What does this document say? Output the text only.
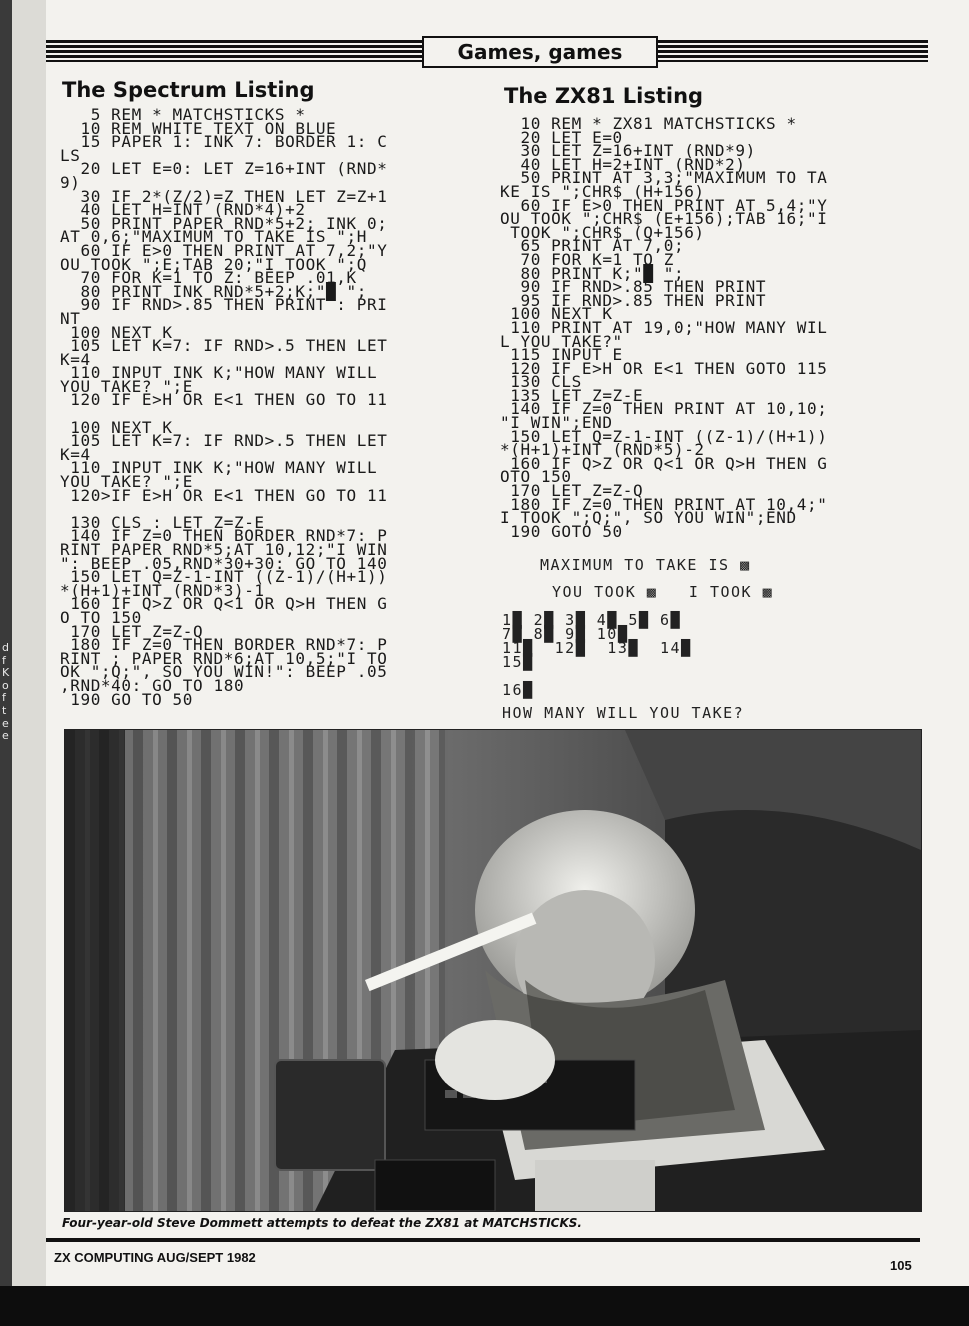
d f K o f t e e
Games, games
The Spectrum Listing	The ZX81 Listing
5 REM * MATCHSTICKS *
10 REM WHITE TEXT ON BLUE
15 PAPER 1: INK 7: BORDER 1: C
LS
20 LET E=0: LET Z=16+INT (RND*
9)
30 IF 2*(Z/2)=Z THEN LET Z=Z+1
40 LET H=INT (RND*4)+2
50 PRINT PAPER RND*5+2; INK 0;
AT 0,6;"MAXIMUM TO TAKE IS ";H
60 IF E>0 THEN PRINT AT 7,2;"Y
OU TOOK ";E;TAB 20;"I TOOK ";Q
70 FOR K=1 TO Z: BEEP .01,K
80 PRINT INK RND*5+2;K;"█ ";
90 IF RND>.85 THEN PRINT : PRI
NT
100 NEXT K
105 LET K=7: IF RND>.5 THEN LET
K=4
110 INPUT INK K;"HOW MANY WILL
YOU TAKE? ";E
120 IF E>H OR E<1 THEN GO TO 11

100 NEXT K
105 LET K=7: IF RND>.5 THEN LET
K=4
110 INPUT INK K;"HOW MANY WILL
YOU TAKE? ";E
120>IF E>H OR E<1 THEN GO TO 11

130 CLS : LET Z=Z-E
140 IF Z=0 THEN BORDER RND*7: P
RINT PAPER RND*5;AT 10,12;"I WIN
": BEEP .05,RND*30+30: GO TO 140
150 LET Q=Z-1-INT ((Z-1)/(H+1))
*(H+1)+INT (RND*3)-1
160 IF Q>Z OR Q<1 OR Q>H THEN G
O TO 150
170 LET Z=Z-Q
180 IF Z=0 THEN BORDER RND*7: P
RINT ; PAPER RND*6;AT 10,5;"I TO
OK ";Q;", SO YOU WIN!": BEEP .05
,RND*40: GO TO 180
190 GO TO 50
10 REM * ZX81 MATCHSTICKS *
20 LET E=0
30 LET Z=16+INT (RND*9)
40 LET H=2+INT (RND*2)
50 PRINT AT 3,3;"MAXIMUM TO TA
KE IS ";CHR$ (H+156)
60 IF E>0 THEN PRINT AT 5,4;"Y
OU TOOK ";CHR$ (E+156);TAB 16;"I
TOOK ";CHR$ (Q+156)
65 PRINT AT 7,0;
70 FOR K=1 TO Z
80 PRINT K;"█ ";
90 IF RND>.85 THEN PRINT
95 IF RND>.85 THEN PRINT
100 NEXT K
110 PRINT AT 19,0;"HOW MANY WIL
L YOU TAKE?"
115 INPUT E
120 IF E>H OR E<1 THEN GOTO 115
130 CLS
135 LET Z=Z-E
140 IF Z=0 THEN PRINT AT 10,10;
"I WIN";END
150 LET Q=Z-1-INT ((Z-1)/(H+1))
*(H+1)+INT (RND*5)-2
160 IF Q>Z OR Q<1 OR Q>H THEN G
OTO 150
170 LET Z=Z-Q
180 IF Z=0 THEN PRINT AT 10,4;"
I TOOK ";Q;", SO YOU WIN";END
190 GOTO 50
MAXIMUM TO TAKE IS ▩
YOU TOOK ▩   I TOOK ▩
1█ 2█ 3█ 4█ 5█ 6█
7█ 8█ 9█ 10█
11█  12█  13█  14█
15█
16█
HOW MANY WILL YOU TAKE?
Four-year-old Steve Dommett attempts to defeat the ZX81 at MATCHSTICKS.
ZX COMPUTING AUG/SEPT 1982
105
